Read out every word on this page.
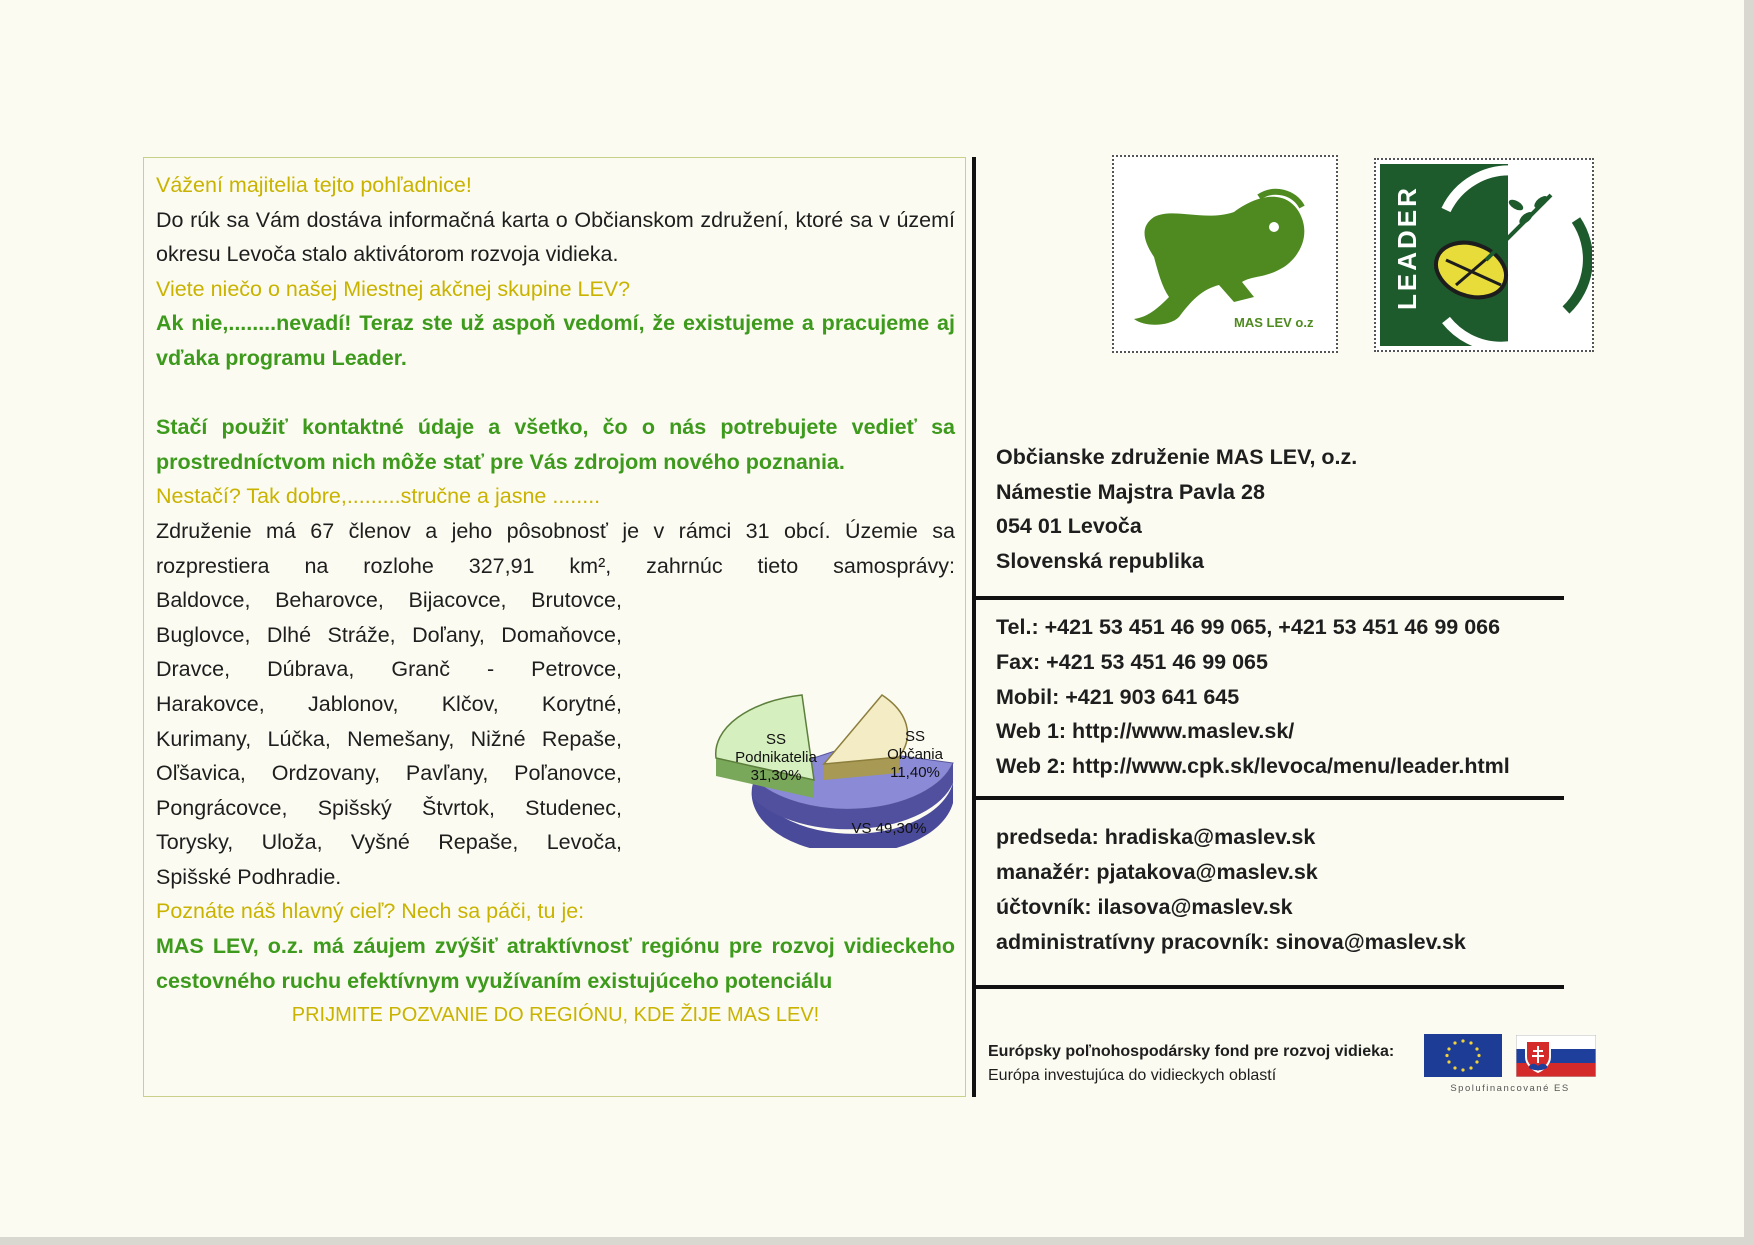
Vážení majitelia tejto pohľadnice!

Do rúk sa Vám dostáva informačná karta o Občianskom združení, ktoré sa v území okresu Levoča stalo aktivátorom rozvoja vidieka.

Viete niečo o našej Miestnej akčnej skupine LEV?

Ak nie,........nevadí! Teraz ste už aspoň vedomí, že existujeme a pracujeme aj vďaka programu Leader.

Stačí použiť kontaktné údaje a všetko, čo o nás potrebujete vedieť sa prostredníctvom nich môže stať pre Vás zdrojom nového poznania.

Nestačí? Tak dobre,.........stručne a jasne ........

Združenie má 67 členov a jeho pôsobnosť je v rámci 31 obcí. Územie sa

rozprestiera na rozlohe 327,91 km², zahrnúc tieto samosprávy:

Baldovce, Beharovce, Bijacovce, Brutovce,

Buglovce, Dlhé Stráže, Doľany, Domaňovce,

Dravce, Dúbrava, Granč - Petrovce,

Harakovce, Jablonov, Klčov, Korytné,

Kurimany, Lúčka, Nemešany, Nižné Repaše,

Oľšavica, Ordzovany, Pavľany, Poľanovce,

Pongrácovce, Spišský Štvrtok, Studenec,

Torysky, Uloža, Vyšné Repaše, Levoča,

Spišské Podhradie.

Poznáte náš hlavný cieľ? Nech sa páči, tu je:

MAS LEV, o.z. má záujem zvýšiť atraktívnosť regiónu pre rozvoj vidieckeho cestovného ruchu efektívnym využívaním existujúceho potenciálu

PRIJMITE POZVANIE DO REGIÓNU, KDE ŽIJE MAS LEV!

SS
Podnikatelia
31,30%
SS
Občania
11,40%
VS 49,30%
MAS LEV o.z
LEADER
Občianske združenie MAS LEV, o.z.
Námestie Majstra Pavla 28
054 01 Levoča
Slovenská republika
Tel.: +421 53 451 46 99 065, +421 53 451 46 99 066
Fax: +421 53 451 46 99 065
Mobil: +421 903 641 645
Web 1: http://www.maslev.sk/
Web 2: http://www.cpk.sk/levoca/menu/leader.html
predseda: hradiska@maslev.sk
manažér: pjatakova@maslev.sk
účtovník: ilasova@maslev.sk
administratívny pracovník: sinova@maslev.sk
Európsky poľnohospodársky fond pre rozvoj vidieka:
Európa investujúca do vidieckych oblastí
Spolufinancované ES
